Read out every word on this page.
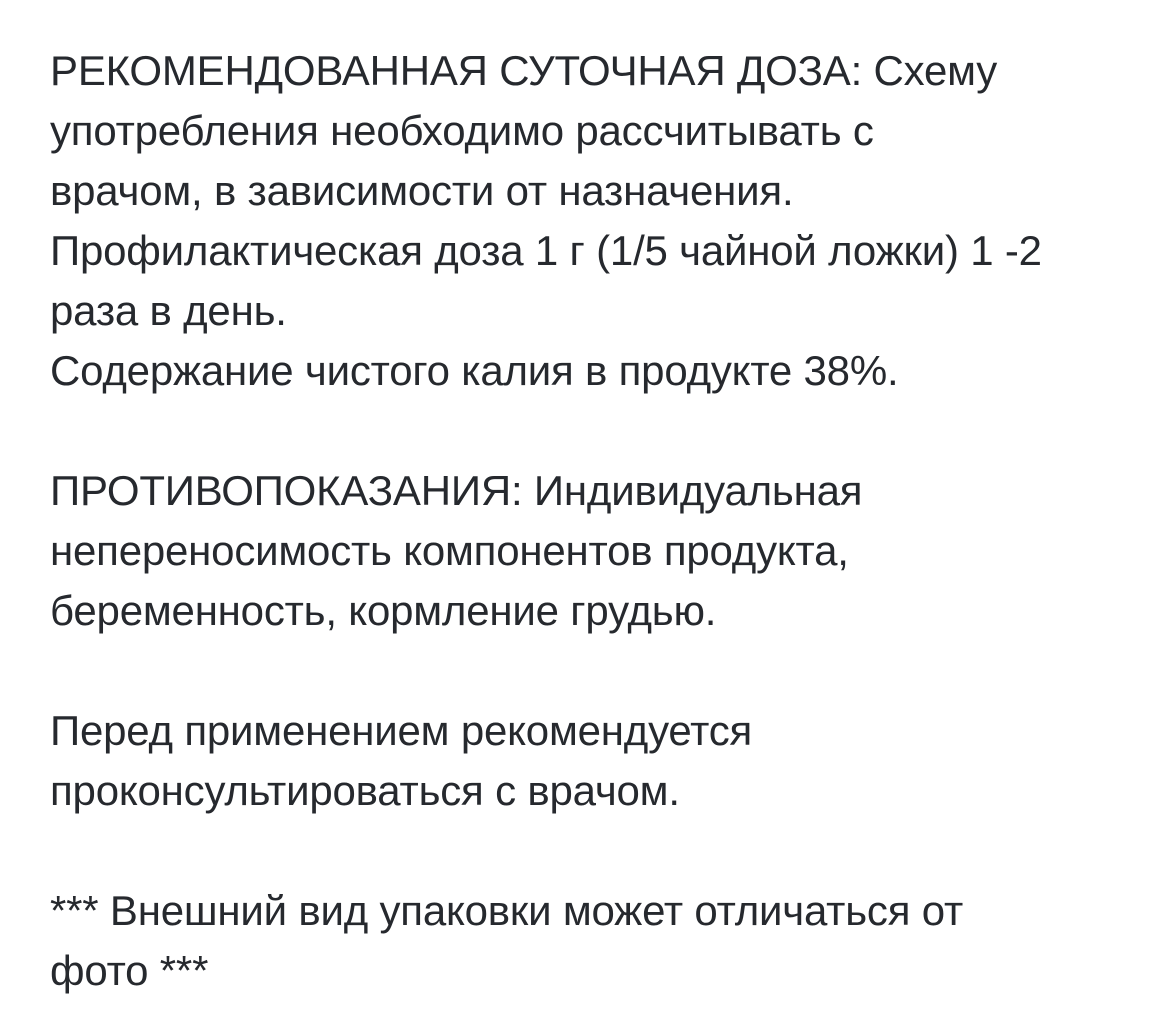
РЕКОМЕНДОВАННАЯ СУТОЧНАЯ ДОЗА: Схему
употребления необходимо рассчитывать с
врачом, в зависимости от назначения.
Профилактическая доза 1 г (1/5 чайной ложки) 1 -2
раза в день.
Содержание чистого калия в продукте 38%.
ПРОТИВОПОКАЗАНИЯ: Индивидуальная
непереносимость компонентов продукта,
беременность, кормление грудью.
Перед применением рекомендуется
проконсультироваться с врачом.
*** Внешний вид упаковки может отличаться от
фото ***
